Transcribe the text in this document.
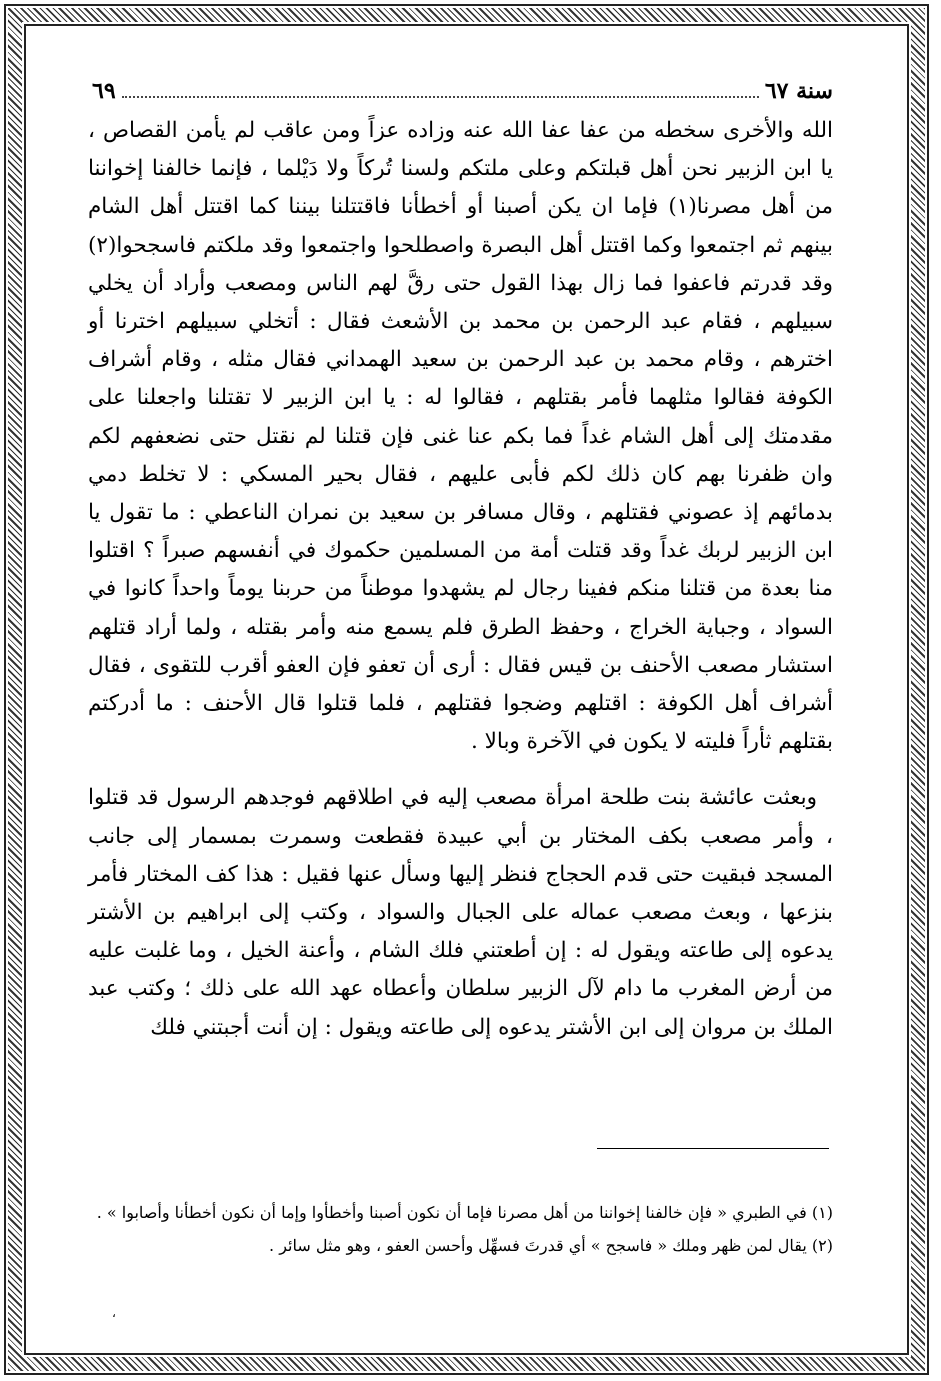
سنة ٦٧
٦٩

الله والأخرى سخطه من عفا عفا الله عنه وزاده عزاً ومن عاقب لم يأمن القصاص ، يا ابن الزبير نحن أهل قبلتكم وعلى ملتكم ولسنا تُركاً ولا دَيْلما ، فإنما خالفنا إخواننا من أهل مصرنا(١) فإما ان يكن أصبنا أو أخطأنا فاقتتلنا بيننا كما اقتتل أهل الشام بينهم ثم اجتمعوا وكما اقتتل أهل البصرة واصطلحوا واجتمعوا وقد ملكتم فاسجحوا(٢) وقد قدرتم فاعفوا فما زال بهذا القول حتى رقَّ لهم الناس ومصعب وأراد أن يخلي سبيلهم ، فقام عبد الرحمن بن محمد بن الأشعث فقال : أتخلي سبيلهم اخترنا أو اخترهم ، وقام محمد بن عبد الرحمن بن سعيد الهمداني فقال مثله ، وقام أشراف الكوفة فقالوا مثلهما فأمر بقتلهم ، فقالوا له : يا ابن الزبير لا تقتلنا واجعلنا على مقدمتك إلى أهل الشام غداً فما بكم عنا غنى فإن قتلنا لم نقتل حتى نضعفهم لكم وان ظفرنا بهم كان ذلك لكم فأبى عليهم ، فقال بحير المسكي : لا تخلط دمي بدمائهم إذ عصوني فقتلهم ، وقال مسافر بن سعيد بن نمران الناعطي : ما تقول يا ابن الزبير لربك غداً وقد قتلت أمة من المسلمين حكموك في أنفسهم صبراً ؟ اقتلوا منا بعدة من قتلنا منكم ففينا رجال لم يشهدوا موطناً من حربنا يوماً واحداً كانوا في السواد ، وجباية الخراج ، وحفظ الطرق فلم يسمع منه وأمر بقتله ، ولما أراد قتلهم استشار مصعب الأحنف بن قيس فقال : أرى أن تعفو فإن العفو أقرب للتقوى ، فقال أشراف أهل الكوفة : اقتلهم وضجوا فقتلهم ، فلما قتلوا قال الأحنف : ما أدركتم بقتلهم ثأراً فليته لا يكون في الآخرة وبالا .

وبعثت عائشة بنت طلحة امرأة مصعب إليه في اطلاقهم فوجدهم الرسول قد قتلوا ، وأمر مصعب بكف المختار بن أبي عبيدة فقطعت وسمرت بمسمار إلى جانب المسجد فبقيت حتى قدم الحجاج فنظر إليها وسأل عنها فقيل : هذا كف المختار فأمر بنزعها ، وبعث مصعب عماله على الجبال والسواد ، وكتب إلى ابراهيم بن الأشتر يدعوه إلى طاعته ويقول له : إن أطعتني فلك الشام ، وأعنة الخيل ، وما غلبت عليه من أرض المغرب ما دام لآل الزبير سلطان وأعطاه عهد الله على ذلك ؛ وكتب عبد الملك بن مروان إلى ابن الأشتر يدعوه إلى طاعته ويقول : إن أنت أجبتني فلك

(١) في الطبري « فإن خالفنا إخواننا من أهل مصرنا فإما أن نكون أصبنا وأخطأوا وإما أن نكون أخطأنا وأصابوا » .

(٢) يقال لمن ظهر وملك « فاسجح » أي قدرتَ فسهِّل وأحسن العفو ، وهو مثل سائر .

،
